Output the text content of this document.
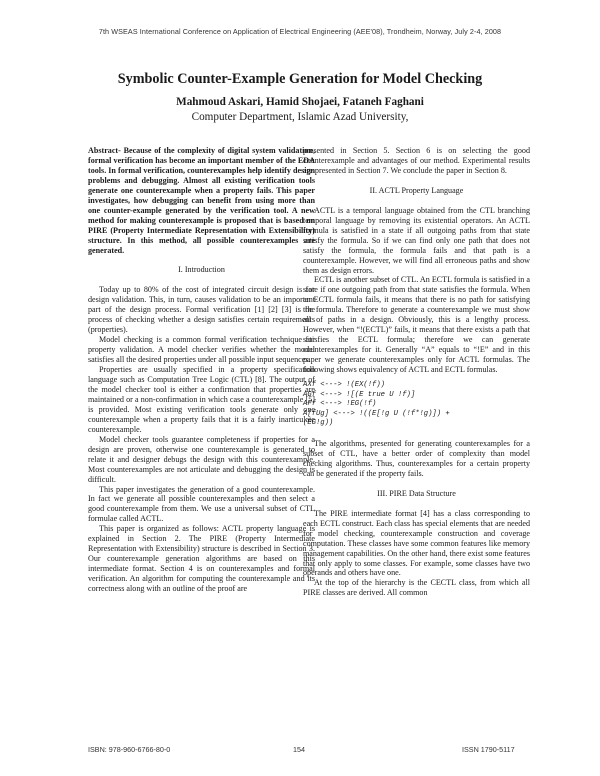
7th WSEAS International Conference on Application of Electrical Engineering (AEE'08), Trondheim, Norway, July 2-4, 2008
Symbolic Counter-Example Generation for Model Checking
Mahmoud Askari, Hamid Shojaei, Fataneh Faghani
Computer Department, Islamic Azad University,

Abstract- Because of the complexity of digital system validation, formal verification has become an important member of the EDA tools. In formal verification, counterexamples help identify design problems and debugging. Almost all existing verification tools generate one counterexample when a property fails. This paper investigates, how debugging can benefit from using more than one counter-example generated by the verification tool. A new method for making counterexample is proposed that is based on PIRE (Property Intermediate Representation with Extensibility) structure. In this method, all possible counterexamples are generated.

I. Introduction

Today up to 80% of the cost of integrated circuit design is for design validation. This, in turn, causes validation to be an important part of the design process. Formal verification [1] [2] [3] is the process of checking whether a design satisfies certain requirements (properties).

Model checking is a common formal verification technique for property validation. A model checker verifies whether the model satisfies all the desired properties under all possible input sequences.

Properties are usually specified in a property specification language such as Computation Tree Logic (CTL) [8]. The output of the model checker tool is either a confirmation that properties are maintained or a non-confirmation in which case a counterexample [5] is provided. Most existing verification tools generate only one counterexample when a property fails that it is a fairly inarticulate counterexample.

Model checker tools guarantee completeness if properties for a design are proven, otherwise one counterexample is generated to relate it and designer debugs the design with this counterexample. Most counterexamples are not articulate and debugging the design is difficult.

This paper investigates the generation of a good counterexample. In fact we generate all possible counterexamples and then select a good counterexample from them. We use a universal subset of CTL formulae called ACTL.

This paper is organized as follows: ACTL property language is explained in Section 2. The PIRE (Property Intermediate Representation with Extensibility) structure is described in Section 3. Our counterexample generation algorithms are based on this intermediate format. Section 4 is on counterexamples and formal verification. An algorithm for computing the counterexample and its correctness along with an outline of the proof are

presented in Section 5. Section 6 is on selecting the good counterexample and advantages of our method. Experimental results are presented in Section 7. We conclude the paper in Section 8.

II. ACTL Property Language

ACTL is a temporal language obtained from the CTL branching temporal language by removing its existential operators. An ACTL formula is satisfied in a state if all outgoing paths from that state satisfy the formula. So if we can find only one path that does not satisfy the formula, the formula fails and that path is a counterexample. However, we will find all erroneous paths and show them as design errors.

ECTL is another subset of CTL. An ECTL formula is satisfied in a state if one outgoing path from that state satisfies the formula. When an ECTL formula fails, it means that there is no path for satisfying the formula. Therefore to generate a counterexample we must show all of paths in a design. Obviously, this is a lengthy process. However, when “!(ECTL)” fails, it means that there exists a path that satisfies the ECTL formula; therefore we can generate counterexamples for it. Generally “A” equals to “!E” and in this paper we generate counterexamples only for ACTL formulas. The following shows equivalency of ACTL and ECTL formulas.

AXf <---> !(EX(!f))
AGf <---> ![(E true U !f)]
AFf <---> !EG(!f)
A[fUg] <---> !((E[!g U (!f*!g)]) +
(EG!g))

The algorithms, presented for generating counterexamples for a subset of CTL, have a better order of complexity than model checking algorithms. Thus, counterexamples for a certain property can be generated if the property fails.

III. PIRE Data Structure

The PIRE intermediate format [4] has a class corresponding to each ECTL construct. Each class has special elements that are needed for model checking, counterexample construction and coverage computation. These classes have some common features like memory management capabilities. On the other hand, there exist some features that only apply to some classes. For example, some classes have two operands and others have one.

At the top of the hierarchy is the CECTL class, from which all PIRE classes are derived. All common

ISBN: 978-960-6766-80-0	154	ISSN 1790-5117
